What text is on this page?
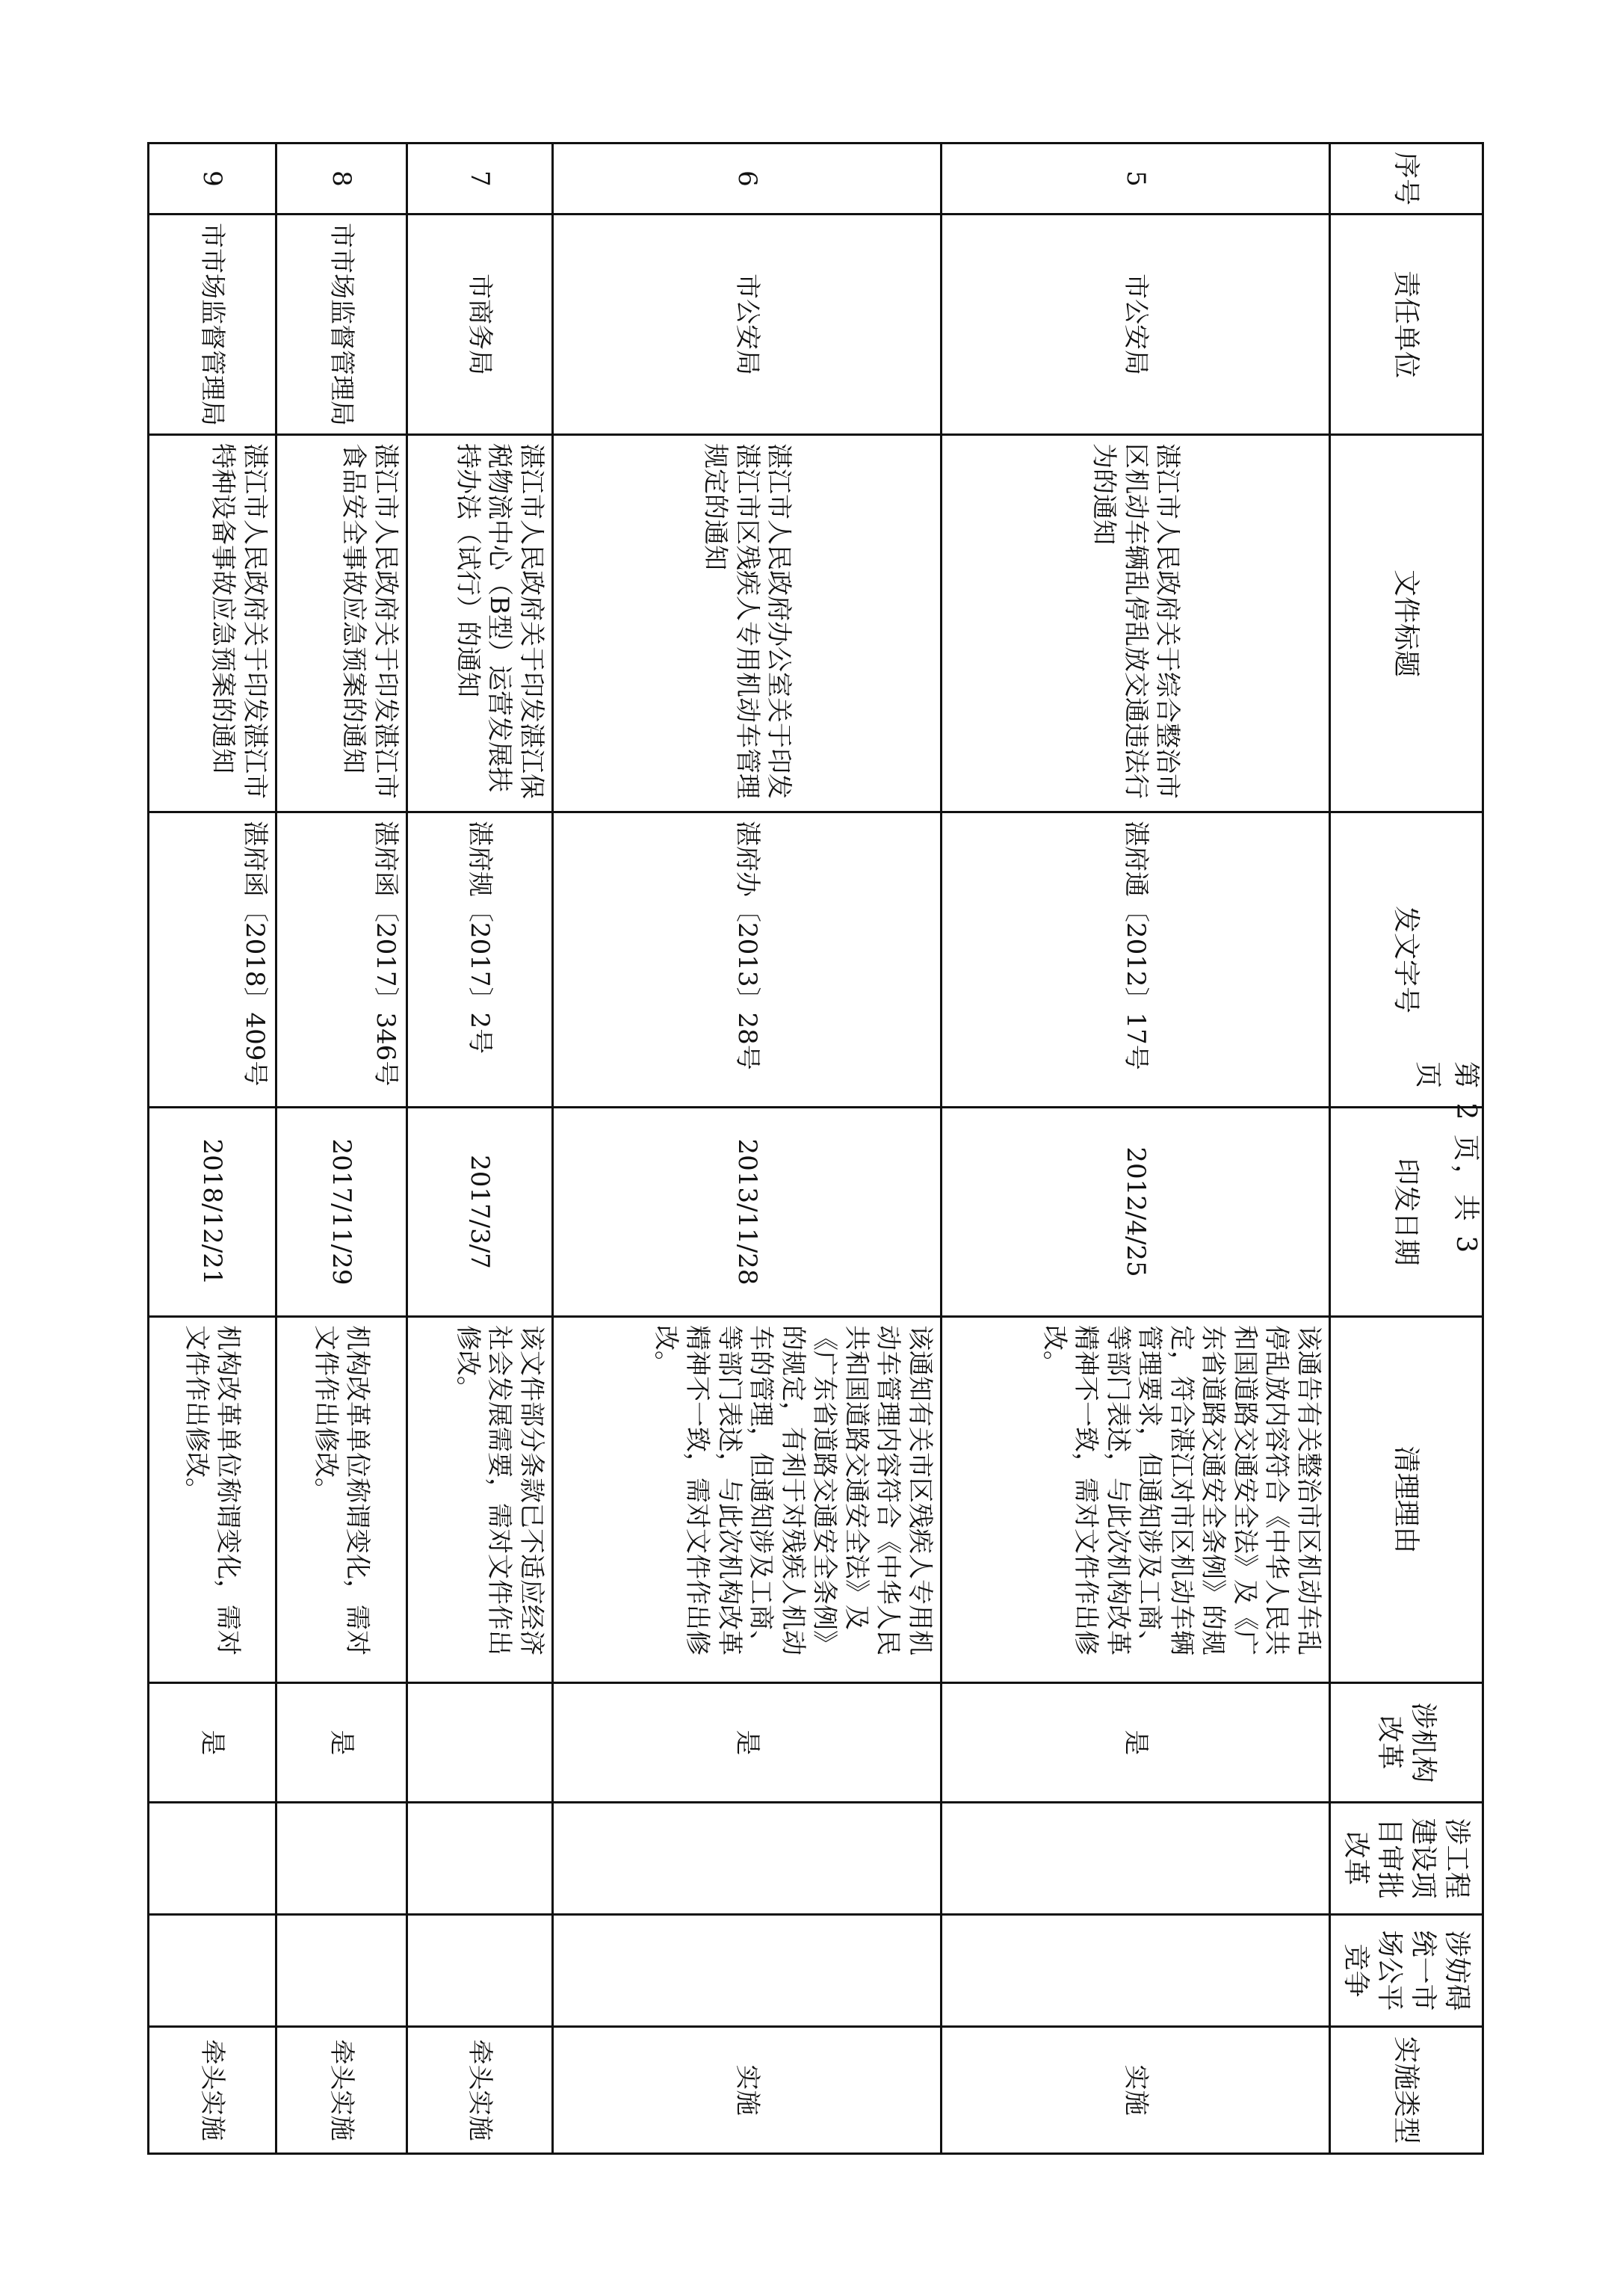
序号	责任单位	文件标题	发文字号	印发日期	清理理由	涉机构改革	涉工程建设项目审批改革	涉妨碍统一市场公平竞争	实施类型
5	市公安局	湛江市人民政府关于综合整治市区机动车辆乱停乱放交通违法行为的通知	湛府通〔2012〕17号	2012/4/25	该通告有关整治市区机动车乱停乱放内容符合《中华人民共和国道路交通安全法》及《广东省道路交通安全条例》的规定，符合湛江对市区机动车辆管理要求，但通知涉及工商、等部门表述，与此次机构改革精神不一致，需对文件作出修改。	是			实施
6	市公安局	湛江市人民政府办公室关于印发湛江市区残疾人专用机动车管理规定的通知	湛府办〔2013〕28号	2013/11/28	该通知有关市区残疾人专用机动车管理内容符合《中华人民共和国道路交通安全法》及《广东省道路交通安全条例》的规定，有利于对残疾人机动车的管理，但通知涉及工商、等部门表述，与此次机构改革精神不一致，需对文件作出修改。	是			实施
7	市商务局	湛江市人民政府关于印发湛江保税物流中心（B型）运营发展扶持办法（试行）的通知	湛府规〔2017〕2号	2017/3/7	该文件部分条款已不适应经济社会发展需要，需对文件作出修改。				牵头实施
8	市市场监督管理局	湛江市人民政府关于印发湛江市食品安全事故应急预案的通知	湛府函〔2017〕346号	2017/11/29	机构改革单位称谓变化，需对文件作出修改。	是			牵头实施
9	市市场监督管理局	湛江市人民政府关于印发湛江市特种设备事故应急预案的通知	湛府函〔2018〕409号	2018/12/21	机构改革单位称谓变化，需对文件作出修改。	是			牵头实施
第 2 页，共 3 页
